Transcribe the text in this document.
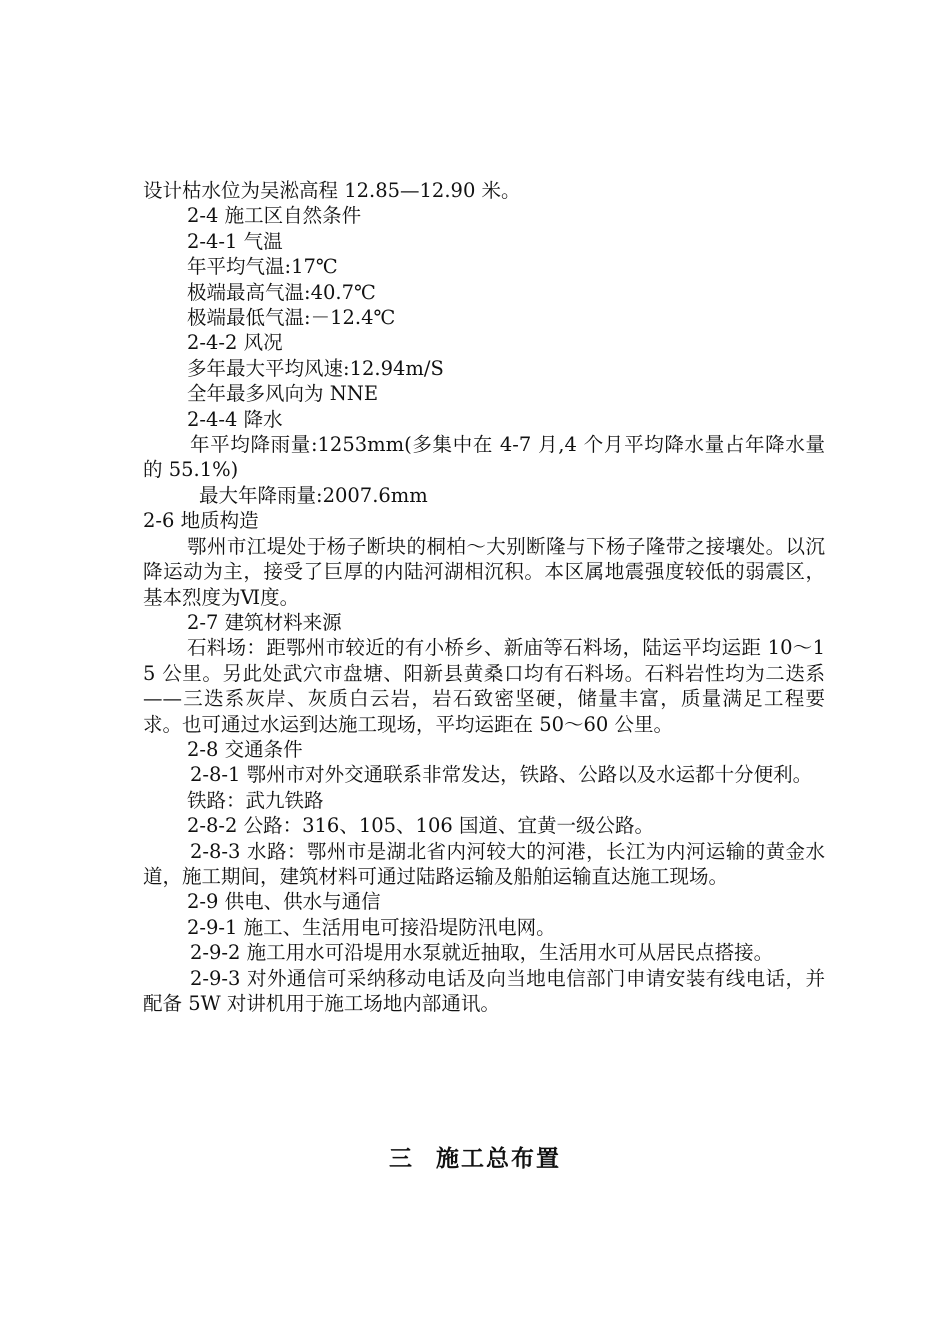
设计枯水位为吴淞高程 12.85—12.90 米。

2-4 施工区自然条件

2-4-1 气温

年平均气温:17℃

极端最高气温:40.7℃

极端最低气温:－12.4℃

2-4-2 风况

多年最大平均风速:12.94m/S

全年最多风向为 NNE

2-4-4 降水

年平均降雨量:1253mm(多集中在 4-7 月,4 个月平均降水量占年降水量的 55.1%)

最大年降雨量:2007.6mm

2-6 地质构造

鄂州市江堤处于杨子断块的桐柏～大别断隆与下杨子隆带之接壤处。以沉降运动为主，接受了巨厚的内陆河湖相沉积。本区属地震强度较低的弱震区，基本烈度为Ⅵ度。

2-7 建筑材料来源

石料场：距鄂州市较近的有小桥乡、新庙等石料场，陆运平均运距 10～15 公里。另此处武穴市盘塘、阳新县黄桑口均有石料场。石料岩性均为二迭系——三迭系灰岸、灰质白云岩，岩石致密坚硬，储量丰富，质量满足工程要求。也可通过水运到达施工现场，平均运距在 50～60 公里。

2-8 交通条件

2-8-1 鄂州市对外交通联系非常发达，铁路、公路以及水运都十分便利。

铁路：武九铁路

2-8-2 公路：316、105、106 国道、宜黄一级公路。

2-8-3 水路：鄂州市是湖北省内河较大的河港，长江为内河运输的黄金水道，施工期间，建筑材料可通过陆路运输及船舶运输直达施工现场。

2-9 供电、供水与通信

2-9-1 施工、生活用电可接沿堤防汛电网。

2-9-2 施工用水可沿堤用水泵就近抽取，生活用水可从居民点搭接。

2-9-3 对外通信可采纳移动电话及向当地电信部门申请安装有线电话，并配备 5W 对讲机用于施工场地内部通讯。

三 施工总布置
